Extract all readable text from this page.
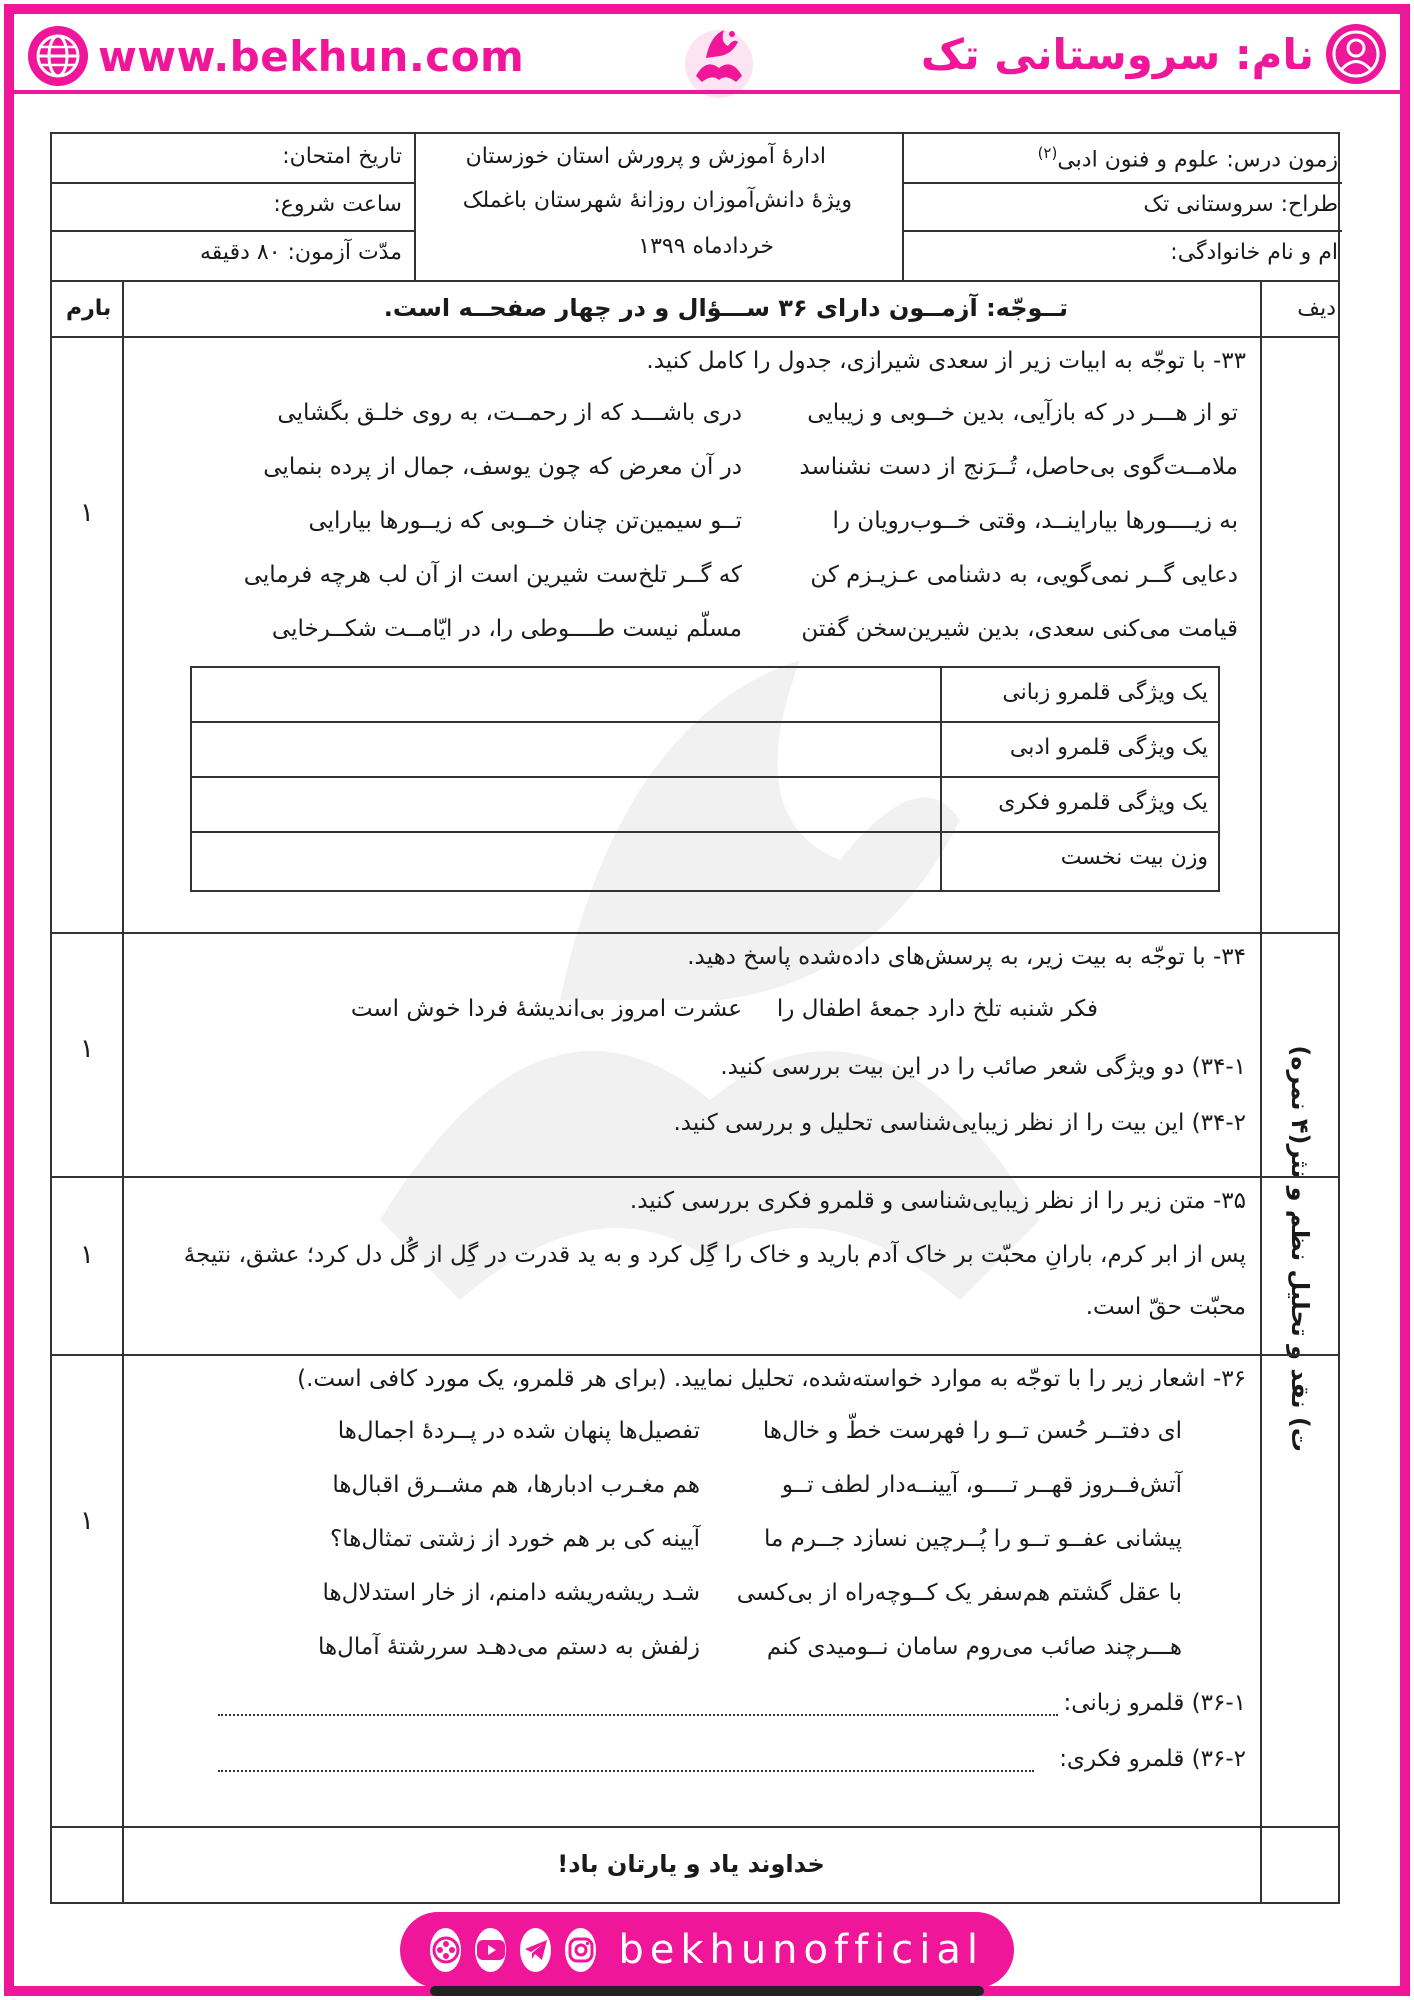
www.bekhun.com	نام: سروستانی تک
تاریخ امتحان:
ساعت شروع:
مدّت آزمون: ۸۰ دقیقه
ادارهٔ آموزش و پرورش استان خوزستان
ویژهٔ دانش‌آموزان روزانهٔ شهرستان باغملک
خردادماه ۱۳۹۹
زمون درس: علوم و فنون ادبی$^{(۲)}$
طراح: سروستانی تک
ام و نام خانوادگی:
بارم	تــوجّه: آزمــون دارای ۳۶ ســـؤال و در چهار صفحــه است.	دیف
ت) نقد و تحلیل نظم و نثر(۴ نمره)
۱
۳۳- با توجّه به ابیات زیر از سعدی شیرازی، جدول را کامل کنید.
تو از هـــر در که بازآیی، بدین خــوبی و زیبایی
دری باشـــد که از رحمــت، به روی خلـق بگشایی
ملامــت‌گوی بی‌حاصل، تُــرَنج از دست نشناسد
در آن معرض که چون یوسف، جمال از پرده بنمایی
به زیــــورها بیاراینــد، وقتی خــوب‌رویان را
تــو سیمین‌تن چنان خــوبی که زیــورها بیارایی
دعایی گــر نمی‌گویی، به دشنامی عـزیـزم کن
که گــر تلخ‌ست شیرین است از آن لب هرچه فرمایی
قیامت می‌کنی سعدی، بدین شیرین‌سخن گفتن
مسلّم نیست طــــوطی را، در ایّامــت شکــرخایی
یک ویژگی قلمرو زبانی
یک ویژگی قلمرو ادبی
یک ویژگی قلمرو فکری
وزن بیت نخست
۱
۳۴- با توجّه به بیت زیر، به پرسش‌های داده‌شده پاسخ دهید.
فکر شنبه تلخ دارد جمعهٔ اطفال را
عشرت امروز بی‌اندیشهٔ فردا خوش است
۳۴-۱) دو ویژگی شعر صائب را در این بیت بررسی کنید.
۳۴-۲) این بیت را از نظر زیبایی‌شناسی تحلیل و بررسی کنید.
۱
۳۵- متن زیر را از نظر زیبایی‌شناسی و قلمرو فکری بررسی کنید.
پس از ابر کرم، بارانِ محبّت بر خاک آدم بارید و خاک را گِل کرد و به ید قدرت در گِل از گُل دل کرد؛ عشق، نتیجهٔ
محبّت حقّ است.
۱
۳۶- اشعار زیر را با توجّه به موارد خواسته‌شده، تحلیل نمایید. (برای هر قلمرو، یک مورد کافی است.)
ای دفتــر حُسن تــو را فهرست خطّ و خال‌ها
تفصیل‌ها پنهان شده در پــردهٔ اجمال‌ها
آتش‌فــروز قهــر تــــو، آیینــه‌دار لطف تــو
هم مغـرب ادبارها، هم مشــرق اقبال‌ها
پیشانی عفــو تــو را پُــرچین نسازد جــرم ما
آیینه کی بر هم خورد از زشتی تمثال‌ها؟
با عقل گشتم هم‌سفر یک کــوچه‌راه از بی‌کسی
شـد ریشه‌ریشه دامنم، از خار استدلال‌ها
هـــرچند صائب می‌روم سامان نــومیدی کنم
زلفش به دستم می‌دهـد سررشتهٔ آمال‌ها
۳۶-۱) قلمرو زبانی:
۳۶-۲) قلمرو فکری:
خداوند یاد و یارتان باد!
bekhunofficial
